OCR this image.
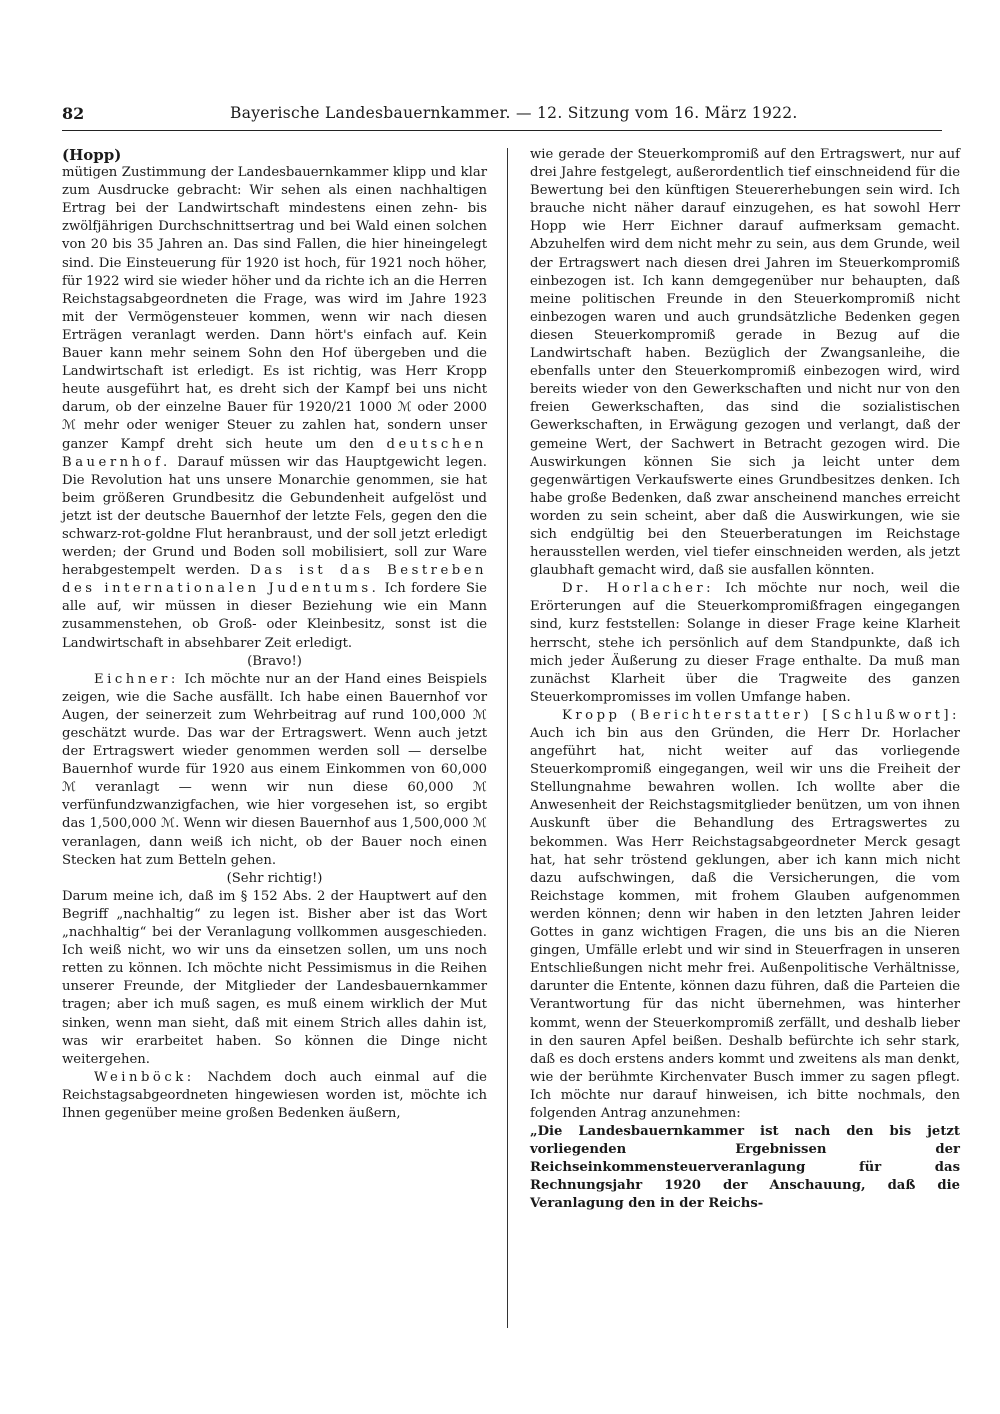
82	Bayerische Landesbauernkammer. — 12. Sitzung vom 16. März 1922.

(Hopp)

mütigen Zustimmung der Landesbauernkammer klipp und klar zum Ausdrucke gebracht: Wir sehen als einen nachhaltigen Ertrag bei der Landwirtschaft mindestens einen zehn- bis zwölfjährigen Durchschnittsertrag und bei Wald einen solchen von 20 bis 35 Jahren an. Das sind Fallen, die hier hineingelegt sind. Die Einsteuerung für 1920 ist hoch, für 1921 noch höher, für 1922 wird sie wieder höher und da richte ich an die Herren Reichstagsabgeordneten die Frage, was wird im Jahre 1923 mit der Vermögensteuer kommen, wenn wir nach diesen Erträgen veranlagt werden. Dann hört's einfach auf. Kein Bauer kann mehr seinem Sohn den Hof übergeben und die Landwirtschaft ist erledigt. Es ist richtig, was Herr Kropp heute ausgeführt hat, es dreht sich der Kampf bei uns nicht darum, ob der einzelne Bauer für 1920/21 1000 ℳ oder 2000 ℳ mehr oder weniger Steuer zu zahlen hat, sondern unser ganzer Kampf dreht sich heute um den deutschen Bauernhof. Darauf müssen wir das Hauptgewicht legen. Die Revolution hat uns unsere Monarchie genommen, sie hat beim größeren Grundbesitz die Gebundenheit aufgelöst und jetzt ist der deutsche Bauernhof der letzte Fels, gegen den die schwarz-rot-goldne Flut heranbraust, und der soll jetzt erledigt werden; der Grund und Boden soll mobilisiert, soll zur Ware herabgestempelt werden. Das ist das Bestreben des internationalen Judentums. Ich fordere Sie alle auf, wir müssen in dieser Beziehung wie ein Mann zusammenstehen, ob Groß- oder Kleinbesitz, sonst ist die Landwirtschaft in absehbarer Zeit erledigt.

(Bravo!)

Eichner: Ich möchte nur an der Hand eines Beispiels zeigen, wie die Sache ausfällt. Ich habe einen Bauernhof vor Augen, der seinerzeit zum Wehrbeitrag auf rund 100,000 ℳ geschätzt wurde. Das war der Ertragswert. Wenn auch jetzt der Ertragswert wieder genommen werden soll — derselbe Bauernhof wurde für 1920 aus einem Einkommen von 60,000 ℳ veranlagt — wenn wir nun diese 60,000 ℳ verfünfundzwanzigfachen, wie hier vorgesehen ist, so ergibt das 1,500,000 ℳ. Wenn wir diesen Bauernhof aus 1,500,000 ℳ veranlagen, dann weiß ich nicht, ob der Bauer noch einen Stecken hat zum Betteln gehen.

(Sehr richtig!)

Darum meine ich, daß im § 152 Abs. 2 der Hauptwert auf den Begriff „nachhaltig“ zu legen ist. Bisher aber ist das Wort „nachhaltig“ bei der Veranlagung vollkommen ausgeschieden. Ich weiß nicht, wo wir uns da einsetzen sollen, um uns noch retten zu können. Ich möchte nicht Pessimismus in die Reihen unserer Freunde, der Mitglieder der Landesbauernkammer tragen; aber ich muß sagen, es muß einem wirklich der Mut sinken, wenn man sieht, daß mit einem Strich alles dahin ist, was wir erarbeitet haben. So können die Dinge nicht weitergehen.

Weinböck: Nachdem doch auch einmal auf die Reichstagsabgeordneten hingewiesen worden ist, möchte ich Ihnen gegenüber meine großen Bedenken äußern,

wie gerade der Steuerkompromiß auf den Ertragswert, nur auf drei Jahre festgelegt, außerordentlich tief einschneidend für die Bewertung bei den künftigen Steuererhebungen sein wird. Ich brauche nicht näher darauf einzugehen, es hat sowohl Herr Hopp wie Herr Eichner darauf aufmerksam gemacht. Abzuhelfen wird dem nicht mehr zu sein, aus dem Grunde, weil der Ertragswert nach diesen drei Jahren im Steuerkompromiß einbezogen ist. Ich kann demgegenüber nur behaupten, daß meine politischen Freunde in den Steuerkompromiß nicht einbezogen waren und auch grundsätzliche Bedenken gegen diesen Steuerkompromiß gerade in Bezug auf die Landwirtschaft haben. Bezüglich der Zwangsanleihe, die ebenfalls unter den Steuerkompromiß einbezogen wird, wird bereits wieder von den Gewerkschaften und nicht nur von den freien Gewerkschaften, das sind die sozialistischen Gewerkschaften, in Erwägung gezogen und verlangt, daß der gemeine Wert, der Sachwert in Betracht gezogen wird. Die Auswirkungen können Sie sich ja leicht unter dem gegenwärtigen Verkaufswerte eines Grundbesitzes denken. Ich habe große Bedenken, daß zwar anscheinend manches erreicht worden zu sein scheint, aber daß die Auswirkungen, wie sie sich endgültig bei den Steuerberatungen im Reichstage herausstellen werden, viel tiefer einschneiden werden, als jetzt glaubhaft gemacht wird, daß sie ausfallen könnten.

Dr. Horlacher: Ich möchte nur noch, weil die Erörterungen auf die Steuerkompromißfragen eingegangen sind, kurz feststellen: Solange in dieser Frage keine Klarheit herrscht, stehe ich persönlich auf dem Standpunkte, daß ich mich jeder Äußerung zu dieser Frage enthalte. Da muß man zunächst Klarheit über die Tragweite des ganzen Steuerkompromisses im vollen Umfange haben.

Kropp (Berichterstatter) [Schlußwort]: Auch ich bin aus den Gründen, die Herr Dr. Horlacher angeführt hat, nicht weiter auf das vorliegende Steuerkompromiß eingegangen, weil wir uns die Freiheit der Stellungnahme bewahren wollen. Ich wollte aber die Anwesenheit der Reichstagsmitglieder benützen, um von ihnen Auskunft über die Behandlung des Ertragswertes zu bekommen. Was Herr Reichstagsabgeordneter Merck gesagt hat, hat sehr tröstend geklungen, aber ich kann mich nicht dazu aufschwingen, daß die Versicherungen, die vom Reichstage kommen, mit frohem Glauben aufgenommen werden können; denn wir haben in den letzten Jahren leider Gottes in ganz wichtigen Fragen, die uns bis an die Nieren gingen, Umfälle erlebt und wir sind in Steuerfragen in unseren Entschließungen nicht mehr frei. Außenpolitische Verhältnisse, darunter die Entente, können dazu führen, daß die Parteien die Verantwortung für das nicht übernehmen, was hinterher kommt, wenn der Steuerkompromiß zerfällt, und deshalb lieber in den sauren Apfel beißen. Deshalb befürchte ich sehr stark, daß es doch erstens anders kommt und zweitens als man denkt, wie der berühmte Kirchenvater Busch immer zu sagen pflegt. Ich möchte nur darauf hinweisen, ich bitte nochmals, den folgenden Antrag anzunehmen:

„Die Landesbauernkammer ist nach den bis jetzt vorliegenden Ergebnissen der Reichseinkommensteuerveranlagung für das Rechnungsjahr 1920 der Anschauung, daß die Veranlagung den in der Reichs-
